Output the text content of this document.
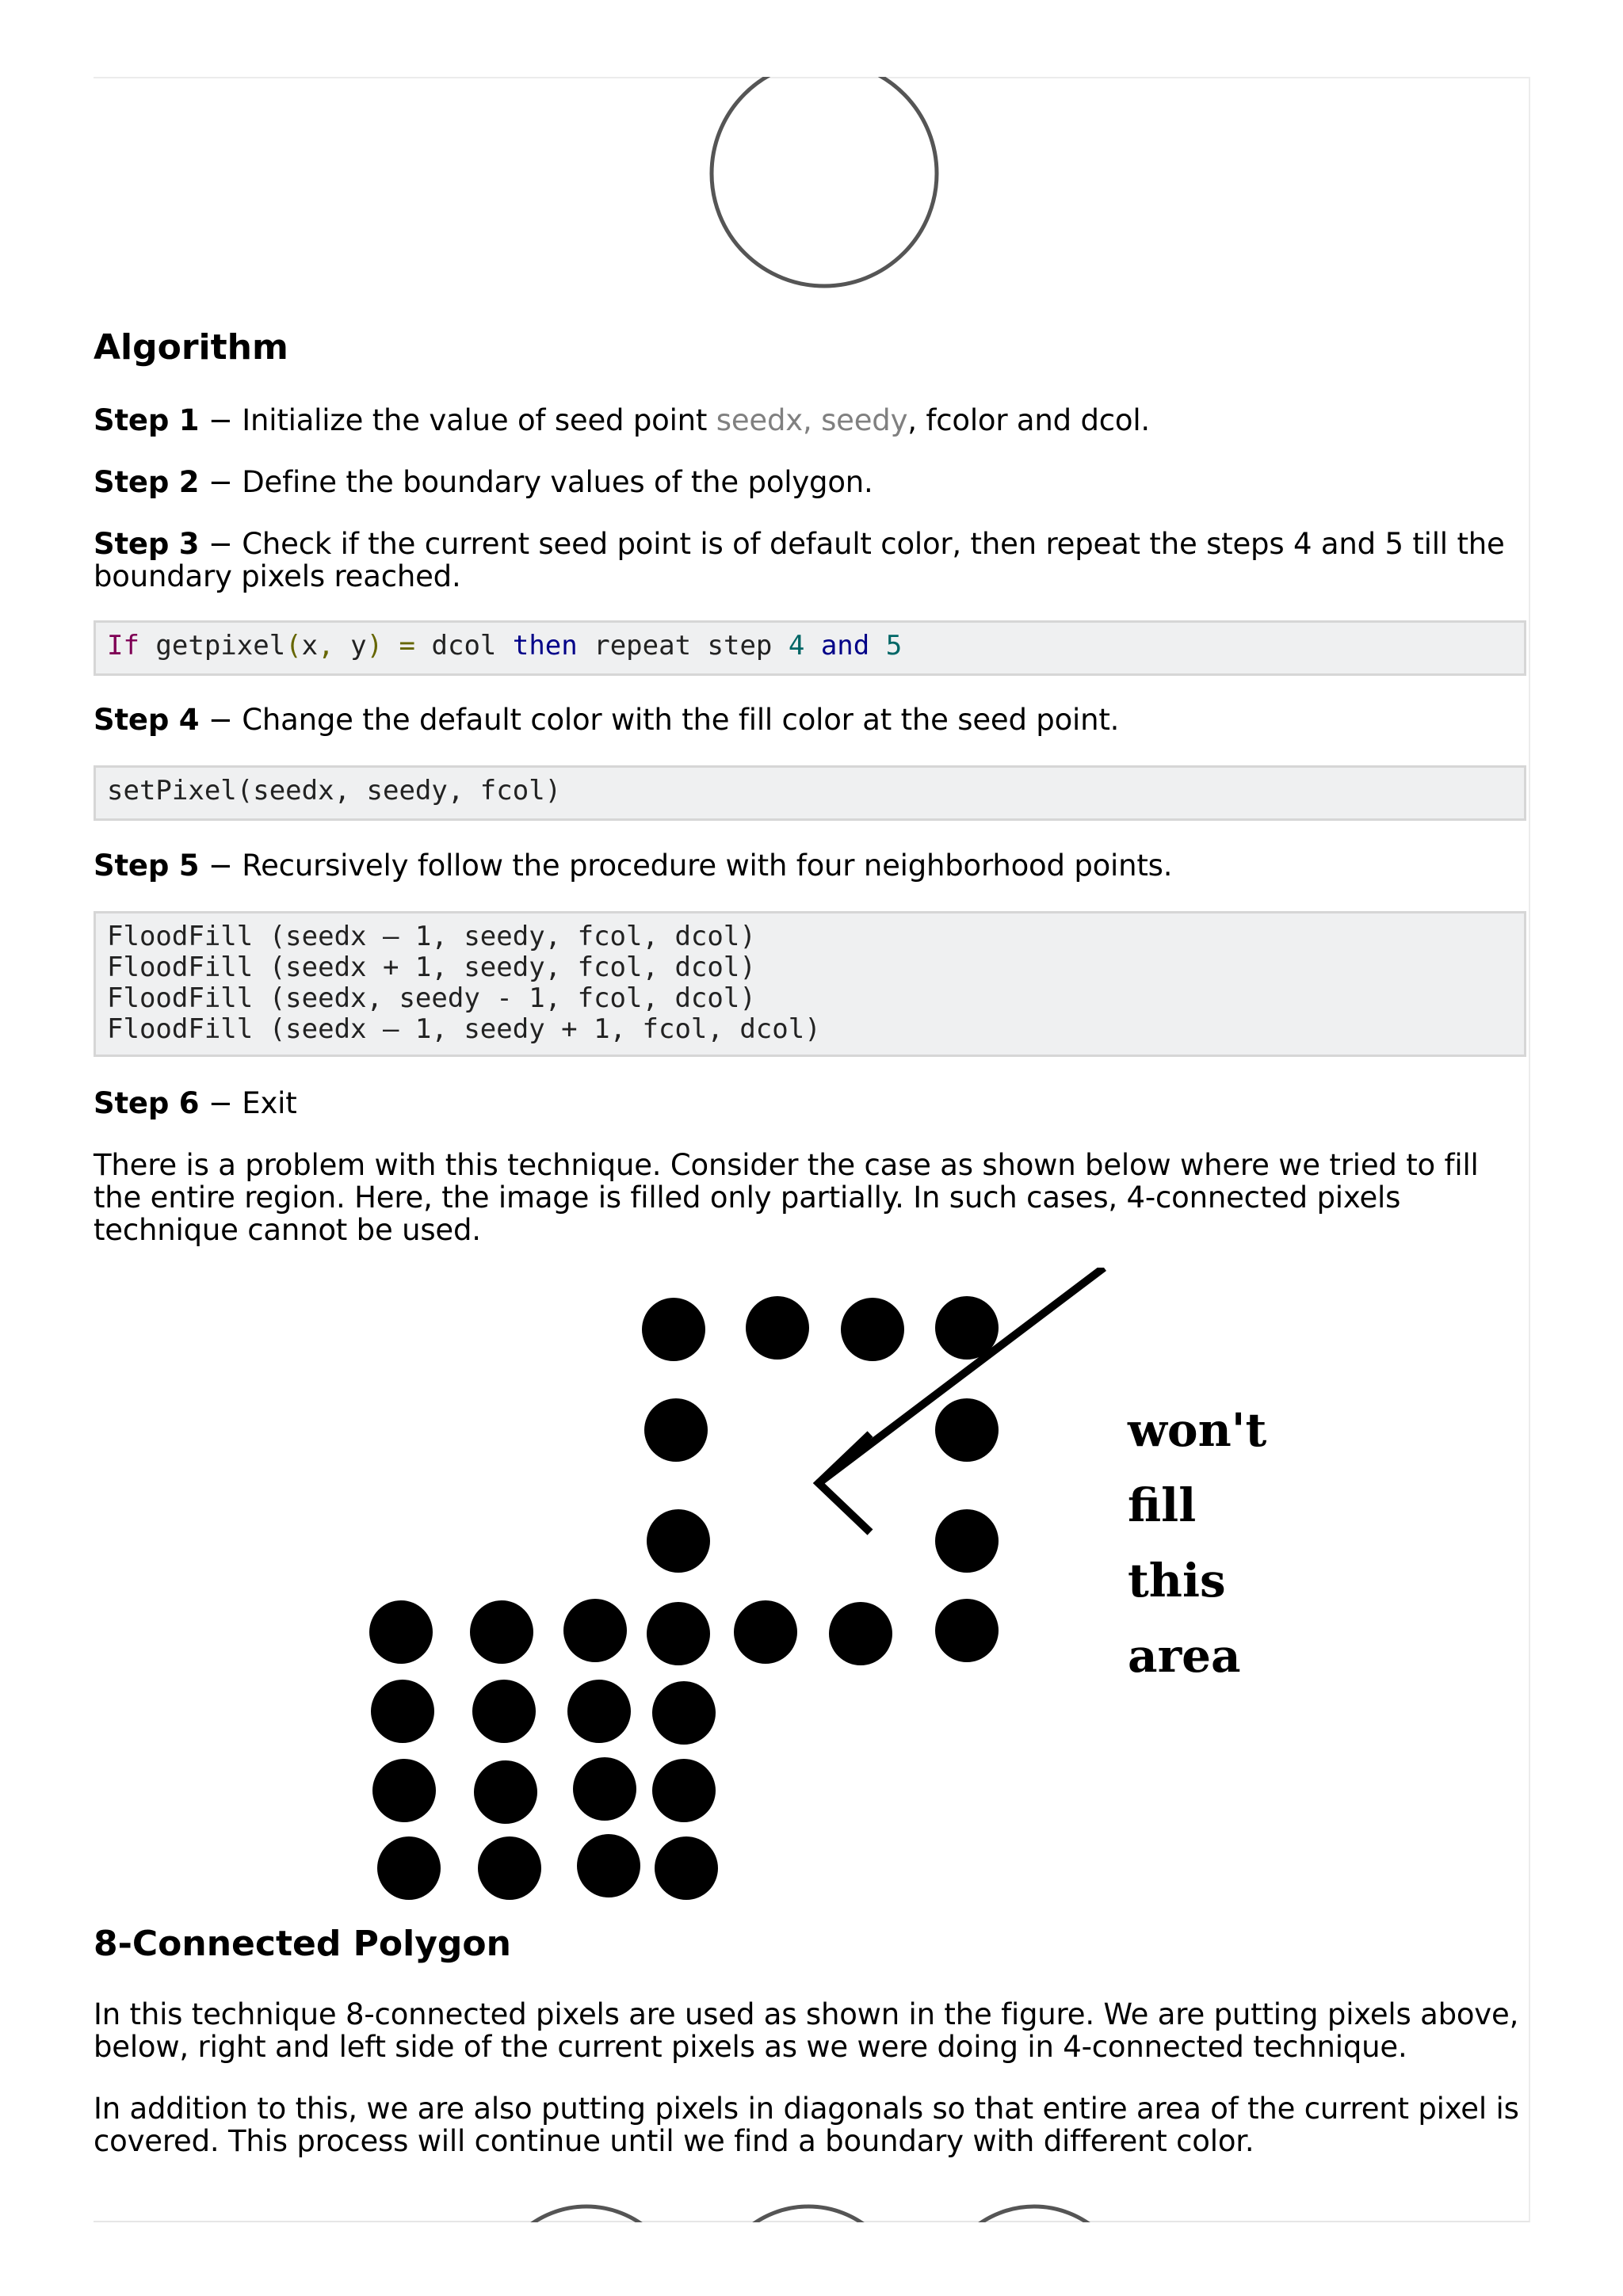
Algorithm

Step 1 − Initialize the value of seed point seedx, seedy, fcolor and dcol.

Step 2 − Define the boundary values of the polygon.

Step 3 − Check if the current seed point is of default color, then repeat the steps 4 and 5 till the boundary pixels reached.

If getpixel(x, y) = dcol then repeat step 4 and 5

Step 4 − Change the default color with the fill color at the seed point.

setPixel(seedx, seedy, fcol)

Step 5 − Recursively follow the procedure with four neighborhood points.

FloodFill (seedx – 1, seedy, fcol, dcol)
FloodFill (seedx + 1, seedy, fcol, dcol)
FloodFill (seedx, seedy - 1, fcol, dcol)
FloodFill (seedx – 1, seedy + 1, fcol, dcol)

Step 6 − Exit

There is a problem with this technique. Consider the case as shown below where we tried to fill the entire region. Here, the image is filled only partially. In such cases, 4-connected pixels technique cannot be used.

won't
fill
this
area
8-Connected Polygon

In this technique 8-connected pixels are used as shown in the figure. We are putting pixels above, below, right and left side of the current pixels as we were doing in 4-connected technique.

In addition to this, we are also putting pixels in diagonals so that entire area of the current pixel is covered. This process will continue until we find a boundary with different color.
